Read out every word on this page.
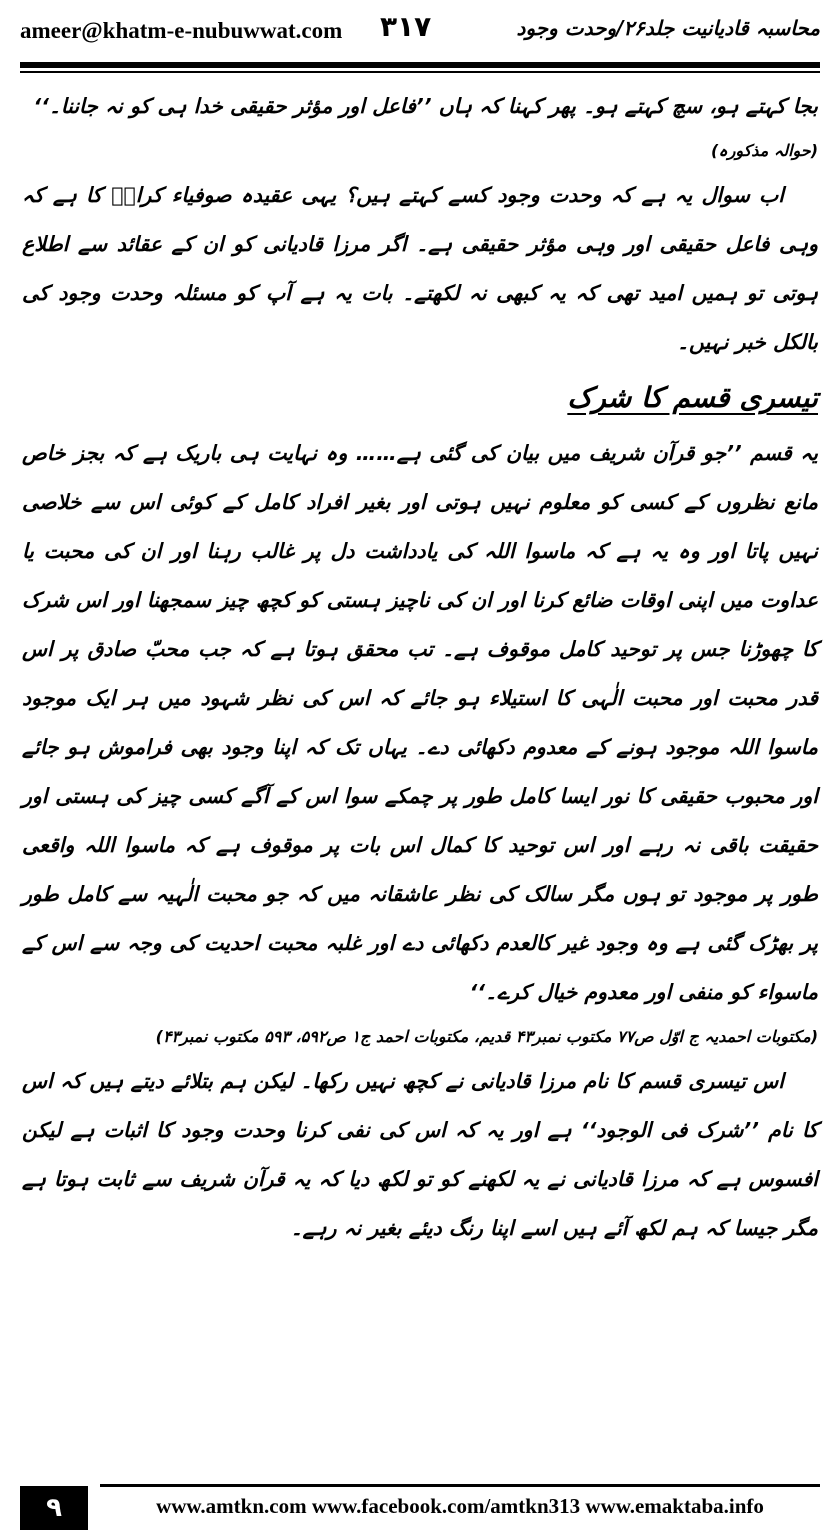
ameer@khatm-e-nubuwwat.com ۳۱۷	محاسبہ قادیانیت جلد۲۶/وحدت وجود

بجا کہتے ہو، سچ کہتے ہو۔ پھر کہنا کہ ہاں ’’فاعل اور مؤثر حقیقی خدا ہی کو نہ جاننا۔‘‘

(حوالہ مذکورہ)

اب سوال یہ ہے کہ وحدت وجود کسے کہتے ہیں؟ یہی عقیدہ صوفیاء کرامؒ کا ہے کہ وہی فاعل حقیقی اور وہی مؤثر حقیقی ہے۔ اگر مرزا قادیانی کو ان کے عقائد سے اطلاع ہوتی تو ہمیں امید تھی کہ یہ کبھی نہ لکھتے۔ بات یہ ہے آپ کو مسئلہ وحدت وجود کی بالکل خبر نہیں۔

تیسری قسم کا شرک

یہ قسم ’’جو قرآن شریف میں بیان کی گئی ہے…… وہ نہایت ہی باریک ہے کہ بجز خاص مانع نظروں کے کسی کو معلوم نہیں ہوتی اور بغیر افراد کامل کے کوئی اس سے خلاصی نہیں پاتا اور وہ یہ ہے کہ ماسوا اللہ کی یادداشت دل پر غالب رہنا اور ان کی محبت یا عداوت میں اپنی اوقات ضائع کرنا اور ان کی ناچیز ہستی کو کچھ چیز سمجھنا اور اس شرک کا چھوڑنا جس پر توحید کامل موقوف ہے۔ تب محقق ہوتا ہے کہ جب محبّ صادق پر اس قدر محبت اور محبت الٰہی کا استیلاء ہو جائے کہ اس کی نظر شہود میں ہر ایک موجود ماسوا اللہ موجود ہونے کے معدوم دکھائی دے۔ یہاں تک کہ اپنا وجود بھی فراموش ہو جائے اور محبوب حقیقی کا نور ایسا کامل طور پر چمکے سوا اس کے آگے کسی چیز کی ہستی اور حقیقت باقی نہ رہے اور اس توحید کا کمال اس بات پر موقوف ہے کہ ماسوا اللہ واقعی طور پر موجود تو ہوں مگر سالک کی نظر عاشقانہ میں کہ جو محبت الٰہیہ سے کامل طور پر بھڑک گئی ہے وہ وجود غیر کالعدم دکھائی دے اور غلبہ محبت احدیت کی وجہ سے اس کے ماسواء کو منفی اور معدوم خیال کرے۔‘‘

(مکتوبات احمدیہ ج اوّل ص۷۷ مکتوب نمبر۴۳ قدیم، مکتوبات احمد ج۱ ص۵۹۲، ۵۹۳ مکتوب نمبر۴۳)

اس تیسری قسم کا نام مرزا قادیانی نے کچھ نہیں رکھا۔ لیکن ہم بتلائے دیتے ہیں کہ اس کا نام ’’شرک فی الوجود‘‘ ہے اور یہ کہ اس کی نفی کرنا وحدت وجود کا اثبات ہے لیکن افسوس ہے کہ مرزا قادیانی نے یہ لکھنے کو تو لکھ دیا کہ یہ قرآن شریف سے ثابت ہوتا ہے مگر جیسا کہ ہم لکھ آئے ہیں اسے اپنا رنگ دیئے بغیر نہ رہے۔

۹	www.amtkn.com www.facebook.com/amtkn313 www.emaktaba.info
